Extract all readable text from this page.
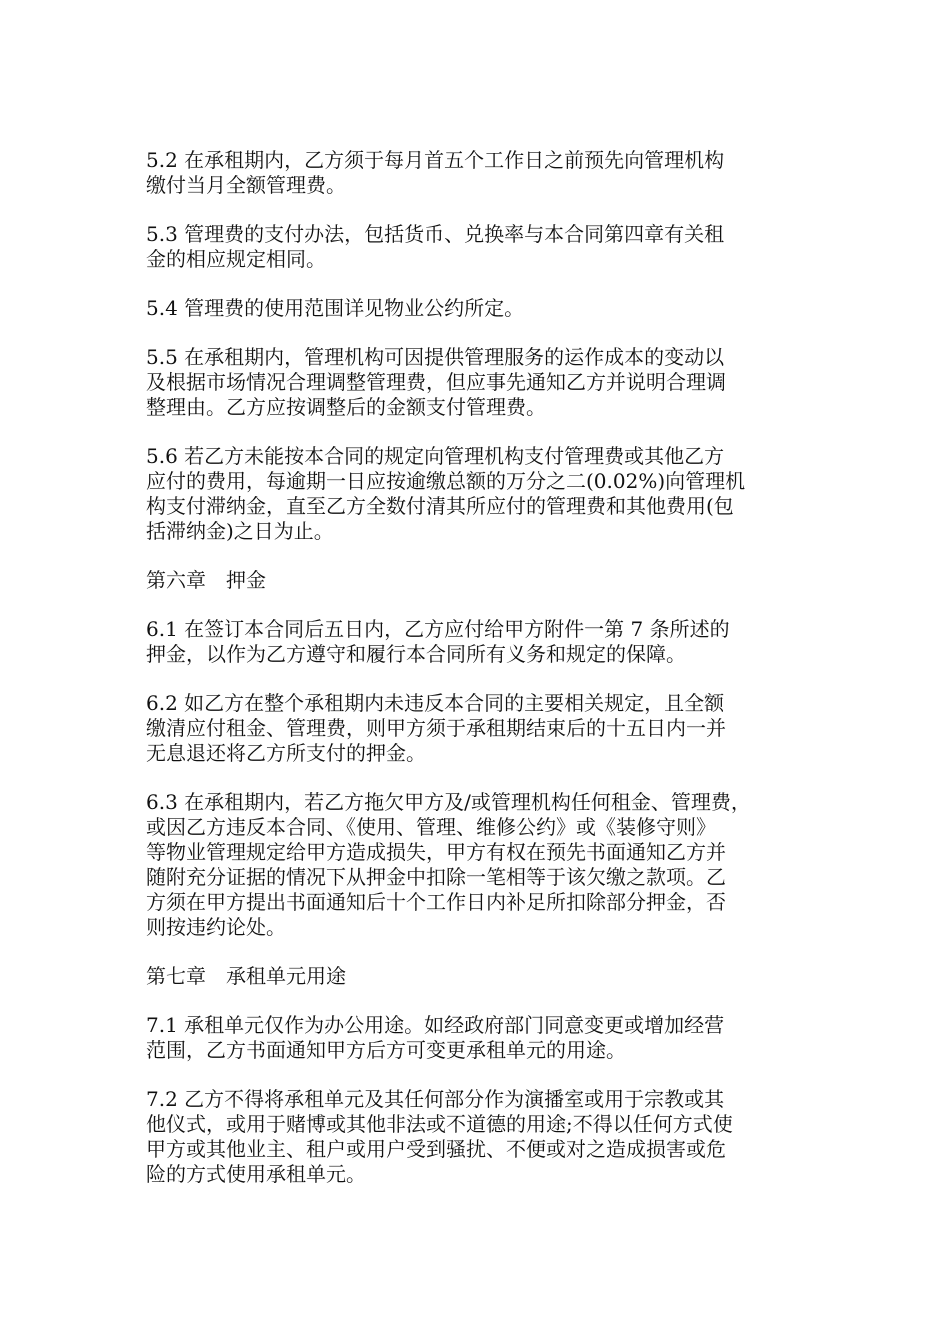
5.2 在承租期内，乙方须于每月首五个工作日之前预先向管理机构
缴付当月全额管理费。

5.3 管理费的支付办法，包括货币、兑换率与本合同第四章有关租
金的相应规定相同。

5.4 管理费的使用范围详见物业公约所定。

5.5 在承租期内，管理机构可因提供管理服务的运作成本的变动以
及根据市场情况合理调整管理费，但应事先通知乙方并说明合理调
整理由。乙方应按调整后的金额支付管理费。

5.6 若乙方未能按本合同的规定向管理机构支付管理费或其他乙方
应付的费用，每逾期一日应按逾缴总额的万分之二(0.02%)向管理机
构支付滞纳金，直至乙方全数付清其所应付的管理费和其他费用(包
括滞纳金)之日为止。

第六章　押金

6.1 在签订本合同后五日内，乙方应付给甲方附件一第 7 条所述的
押金，以作为乙方遵守和履行本合同所有义务和规定的保障。

6.2 如乙方在整个承租期内未违反本合同的主要相关规定，且全额
缴清应付租金、管理费，则甲方须于承租期结束后的十五日内一并
无息退还将乙方所支付的押金。

6.3 在承租期内，若乙方拖欠甲方及/或管理机构任何租金、管理费，
或因乙方违反本合同、《使用、管理、维修公约》或《装修守则》
等物业管理规定给甲方造成损失，甲方有权在预先书面通知乙方并
随附充分证据的情况下从押金中扣除一笔相等于该欠缴之款项。乙
方须在甲方提出书面通知后十个工作日内补足所扣除部分押金，否
则按违约论处。

第七章　承租单元用途

7.1 承租单元仅作为办公用途。如经政府部门同意变更或增加经营
范围，乙方书面通知甲方后方可变更承租单元的用途。

7.2 乙方不得将承租单元及其任何部分作为演播室或用于宗教或其
他仪式，或用于赌博或其他非法或不道德的用途;不得以任何方式使
甲方或其他业主、租户或用户受到骚扰、不便或对之造成损害或危
险的方式使用承租单元。
